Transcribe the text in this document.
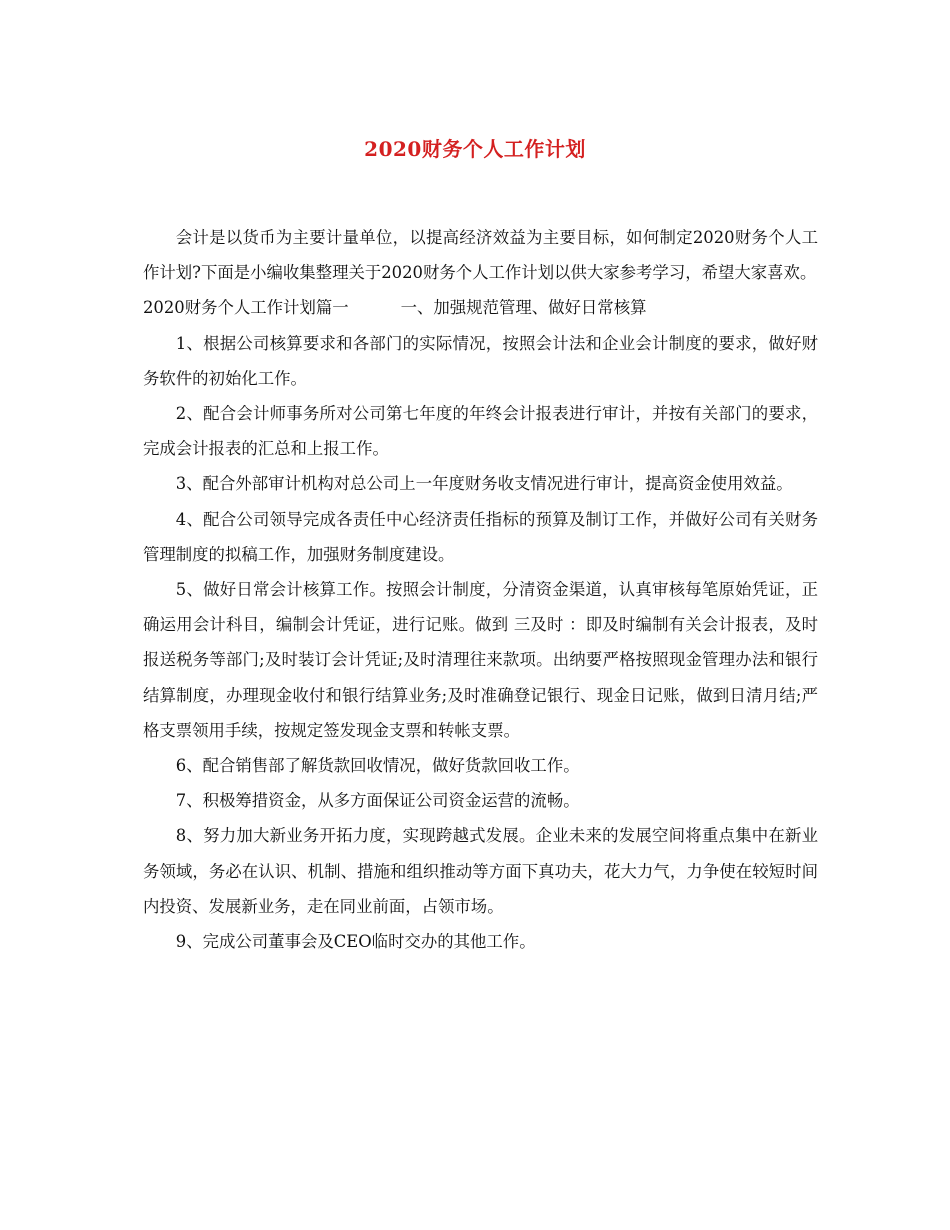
2020财务个人工作计划

会计是以货币为主要计量单位，以提高经济效益为主要目标，如何制定2020财务个人工作计划?下面是小编收集整理关于2020财务个人工作计划以供大家参考学习，希望大家喜欢。

2020财务个人工作计划篇一	一、加强规范管理、做好日常核算

1、根据公司核算要求和各部门的实际情况，按照会计法和企业会计制度的要求，做好财务软件的初始化工作。

2、配合会计师事务所对公司第七年度的年终会计报表进行审计，并按有关部门的要求，完成会计报表的汇总和上报工作。

3、配合外部审计机构对总公司上一年度财务收支情况进行审计，提高资金使用效益。

4、配合公司领导完成各责任中心经济责任指标的预算及制订工作，并做好公司有关财务管理制度的拟稿工作，加强财务制度建设。

5、做好日常会计核算工作。按照会计制度，分清资金渠道，认真审核每笔原始凭证，正确运用会计科目，编制会计凭证，进行记账。做到 三及时 ：即及时编制有关会计报表，及时报送税务等部门;及时装订会计凭证;及时清理往来款项。出纳要严格按照现金管理办法和银行结算制度，办理现金收付和银行结算业务;及时准确登记银行、现金日记账，做到日清月结;严格支票领用手续，按规定签发现金支票和转帐支票。

6、配合销售部了解货款回收情况，做好货款回收工作。

7、积极筹措资金，从多方面保证公司资金运营的流畅。

8、努力加大新业务开拓力度，实现跨越式发展。企业未来的发展空间将重点集中在新业务领域，务必在认识、机制、措施和组织推动等方面下真功夫，花大力气，力争使在较短时间内投资、发展新业务，走在同业前面，占领市场。

9、完成公司董事会及CEO临时交办的其他工作。
